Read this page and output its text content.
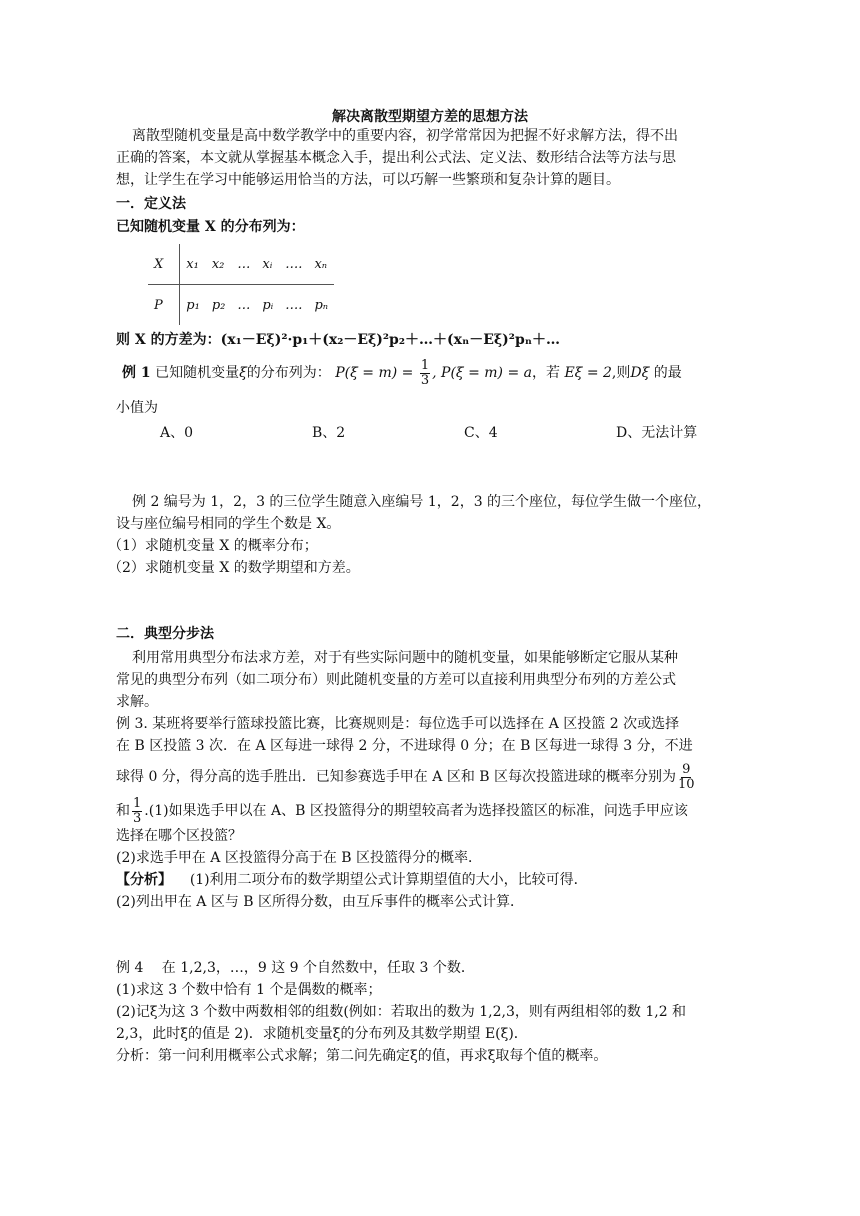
解决离散型期望方差的思想方法
离散型随机变量是高中数学教学中的重要内容，初学常常因为把握不好求解方法，得不出
正确的答案，本文就从掌握基本概念入手，提出利公式法、定义法、数形结合法等方法与思
想，让学生在学习中能够运用恰当的方法，可以巧解一些繁琐和复杂计算的题目。
一．定义法
已知随机变量 X 的分布列为：
X	x₁	x₂	…	xᵢ	….	xₙ
P	p₁	p₂	…	pᵢ	….	pₙ
则 X 的方差为：(x₁－Eξ)²·p₁＋(x₂－Eξ)²p₂＋…＋(xₙ－Eξ)²pₙ＋…
例 1 已知随机变量ξ的分布列为： $P(\xi = m) = \frac{1}{3}$ , P(ξ = m) = a，若 Eξ = 2,则Dξ 的最
小值为
A、0	B、2	C、4	D、无法计算
例 2 编号为 1，2，3 的三位学生随意入座编号 1，2，3 的三个座位，每位学生做一个座位，
设与座位编号相同的学生个数是 X。
（1）求随机变量 X 的概率分布；
（2）求随机变量 X 的数学期望和方差。
二．典型分步法
利用常用典型分布法求方差，对于有些实际问题中的随机变量，如果能够断定它服从某种
常见的典型分布列（如二项分布）则此随机变量的方差可以直接利用典型分布列的方差公式
求解。
例 3. 某班将要举行篮球投篮比赛，比赛规则是：每位选手可以选择在 A 区投篮 2 次或选择
在 B 区投篮 3 次．在 A 区每进一球得 2 分，不进球得 0 分；在 B 区每进一球得 3 分，不进
球得 0 分，得分高的选手胜出．已知参赛选手甲在 A 区和 B 区每次投篮进球的概率分别为 $\frac{9}{10}$
和 $\frac{1}{3} .(1)$如果选手甲以在 A、B 区投篮得分的期望较高者为选择投篮区的标准，问选手甲应该
选择在哪个区投篮？
(2)求选手甲在 A 区投篮得分高于在 B 区投篮得分的概率．
【分析】 (1)利用二项分布的数学期望公式计算期望值的大小，比较可得．
(2)列出甲在 A 区与 B 区所得分数，由互斥事件的概率公式计算．
例 4　 在 1,2,3，…，9 这 9 个自然数中，任取 3 个数．
(1)求这 3 个数中恰有 1 个是偶数的概率；
(2)记ξ为这 3 个数中两数相邻的组数(例如：若取出的数为 1,2,3，则有两组相邻的数 1,2 和
2,3，此时ξ的值是 2)．求随机变量ξ的分布列及其数学期望 E(ξ)．
分析：第一问利用概率公式求解；第二问先确定ξ的值，再求ξ取每个值的概率。
